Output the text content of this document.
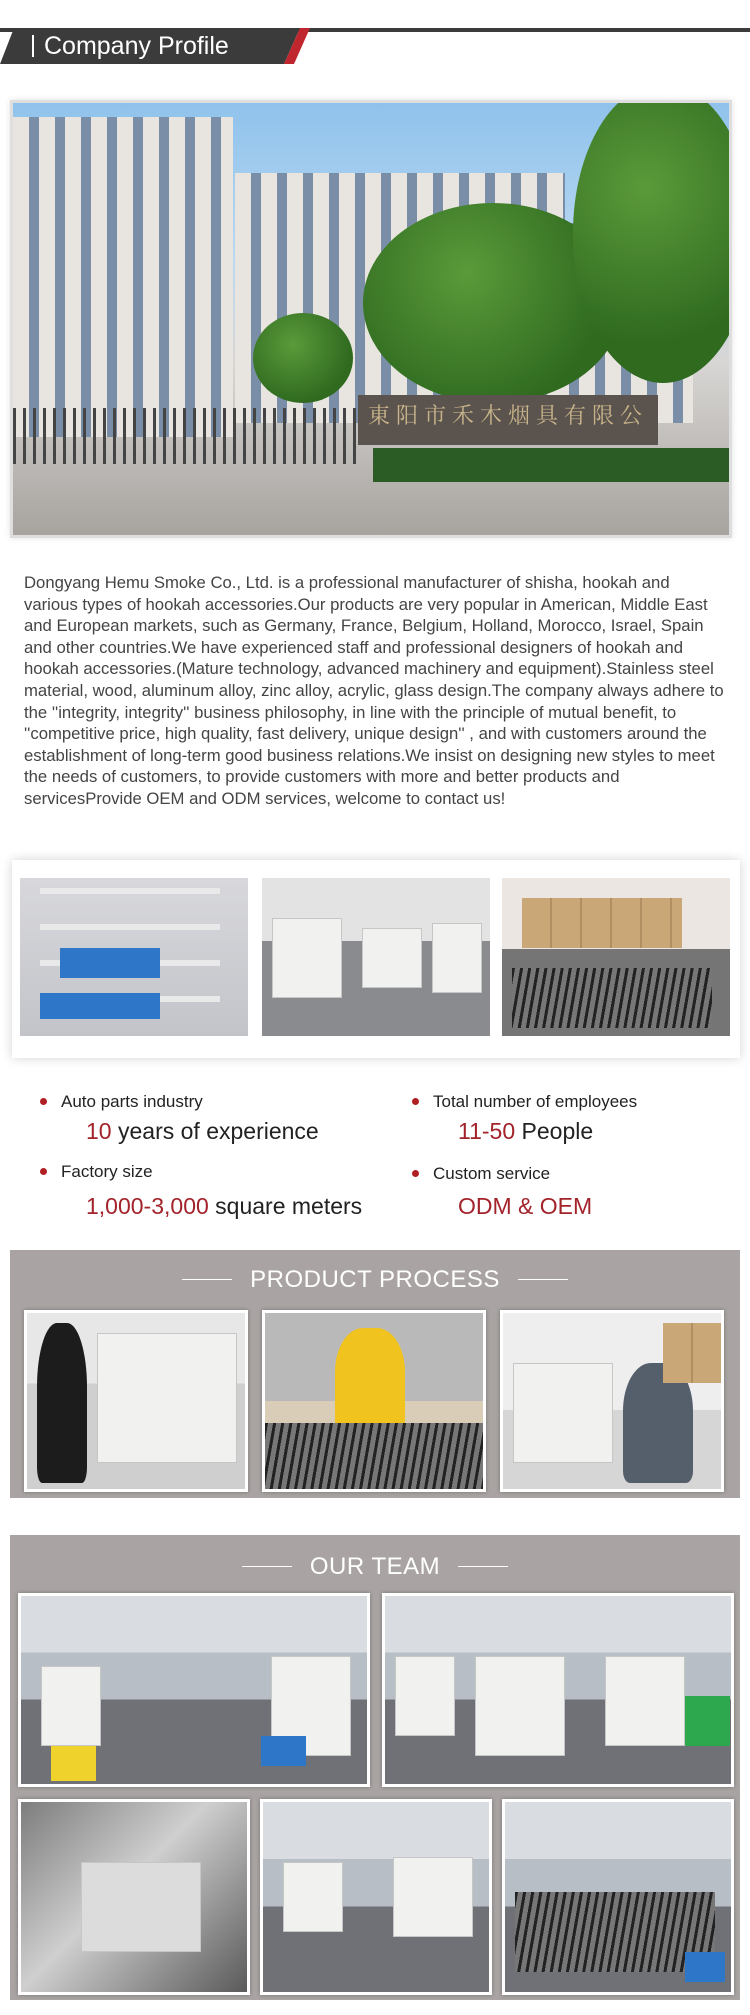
Company Profile
東阳市禾木烟具有限公

Dongyang Hemu Smoke Co., Ltd. is a professional manufacturer of shisha, hookah and various types of hookah accessories.Our products are very popular in American, Middle East and European markets, such as Germany, France, Belgium, Holland, Morocco, Israel, Spain and other countries.We have experienced staff and professional designers of hookah and hookah accessories.(Mature technology, advanced machinery and equipment).Stainless steel material, wood, aluminum alloy, zinc alloy, acrylic, glass design.The company always adhere to the ''integrity, integrity'' business philosophy, in line with the principle of mutual benefit, to ''competitive price, high quality, fast delivery, unique design'' , and with customers around the establishment of long-term good business relations.We insist on designing new styles to meet the needs of customers, to provide customers with more and better products and servicesProvide OEM and ODM services, welcome to contact us!

Auto parts industry
10 years of experience
Total number of employees
11-50 People
Factory size
1,000-3,000 square meters
Custom service
ODM & OEM
PRODUCT PROCESS
OUR TEAM
